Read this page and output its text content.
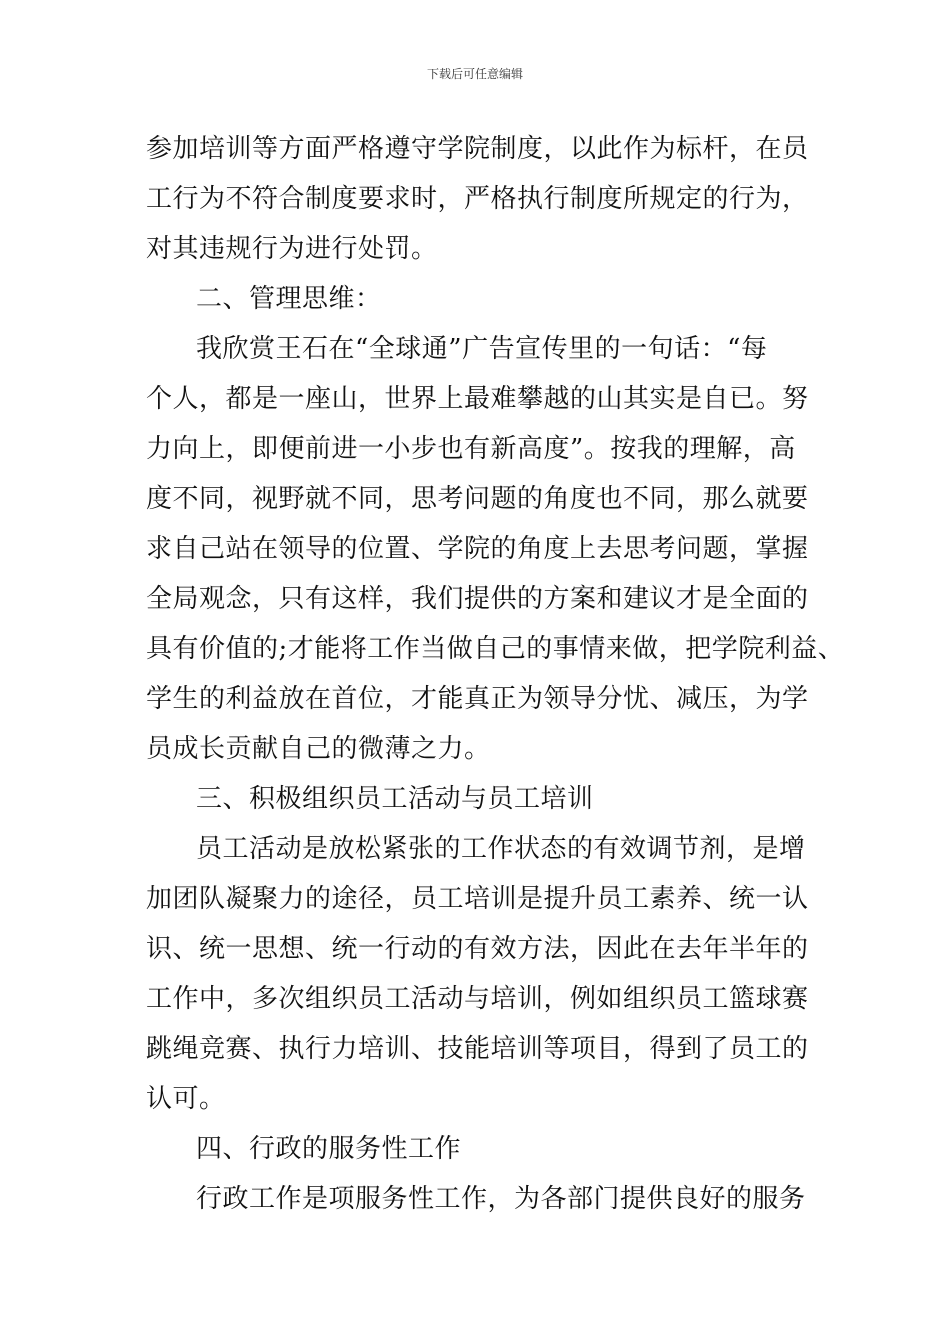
下载后可任意编辑
参加培训等方面严格遵守学院制度，以此作为标杆，在员
工行为不符合制度要求时，严格执行制度所规定的行为，
对其违规行为进行处罚。
二、管理思维：
我欣赏王石在“全球通”广告宣传里的一句话：“每
个人，都是一座山，世界上最难攀越的山其实是自已。努
力向上，即便前进一小步也有新高度”。按我的理解，高
度不同，视野就不同，思考问题的角度也不同，那么就要
求自己站在领导的位置、学院的角度上去思考问题，掌握
全局观念，只有这样，我们提供的方案和建议才是全面的
具有价值的;才能将工作当做自己的事情来做，把学院利益、
学生的利益放在首位，才能真正为领导分忧、减压，为学
员成长贡献自己的微薄之力。
三、积极组织员工活动与员工培训
员工活动是放松紧张的工作状态的有效调节剂，是增
加团队凝聚力的途径，员工培训是提升员工素养、统一认
识、统一思想、统一行动的有效方法，因此在去年半年的
工作中，多次组织员工活动与培训，例如组织员工篮球赛
跳绳竞赛、执行力培训、技能培训等项目，得到了员工的
认可。
四、行政的服务性工作
行政工作是项服务性工作，为各部门提供良好的服务
